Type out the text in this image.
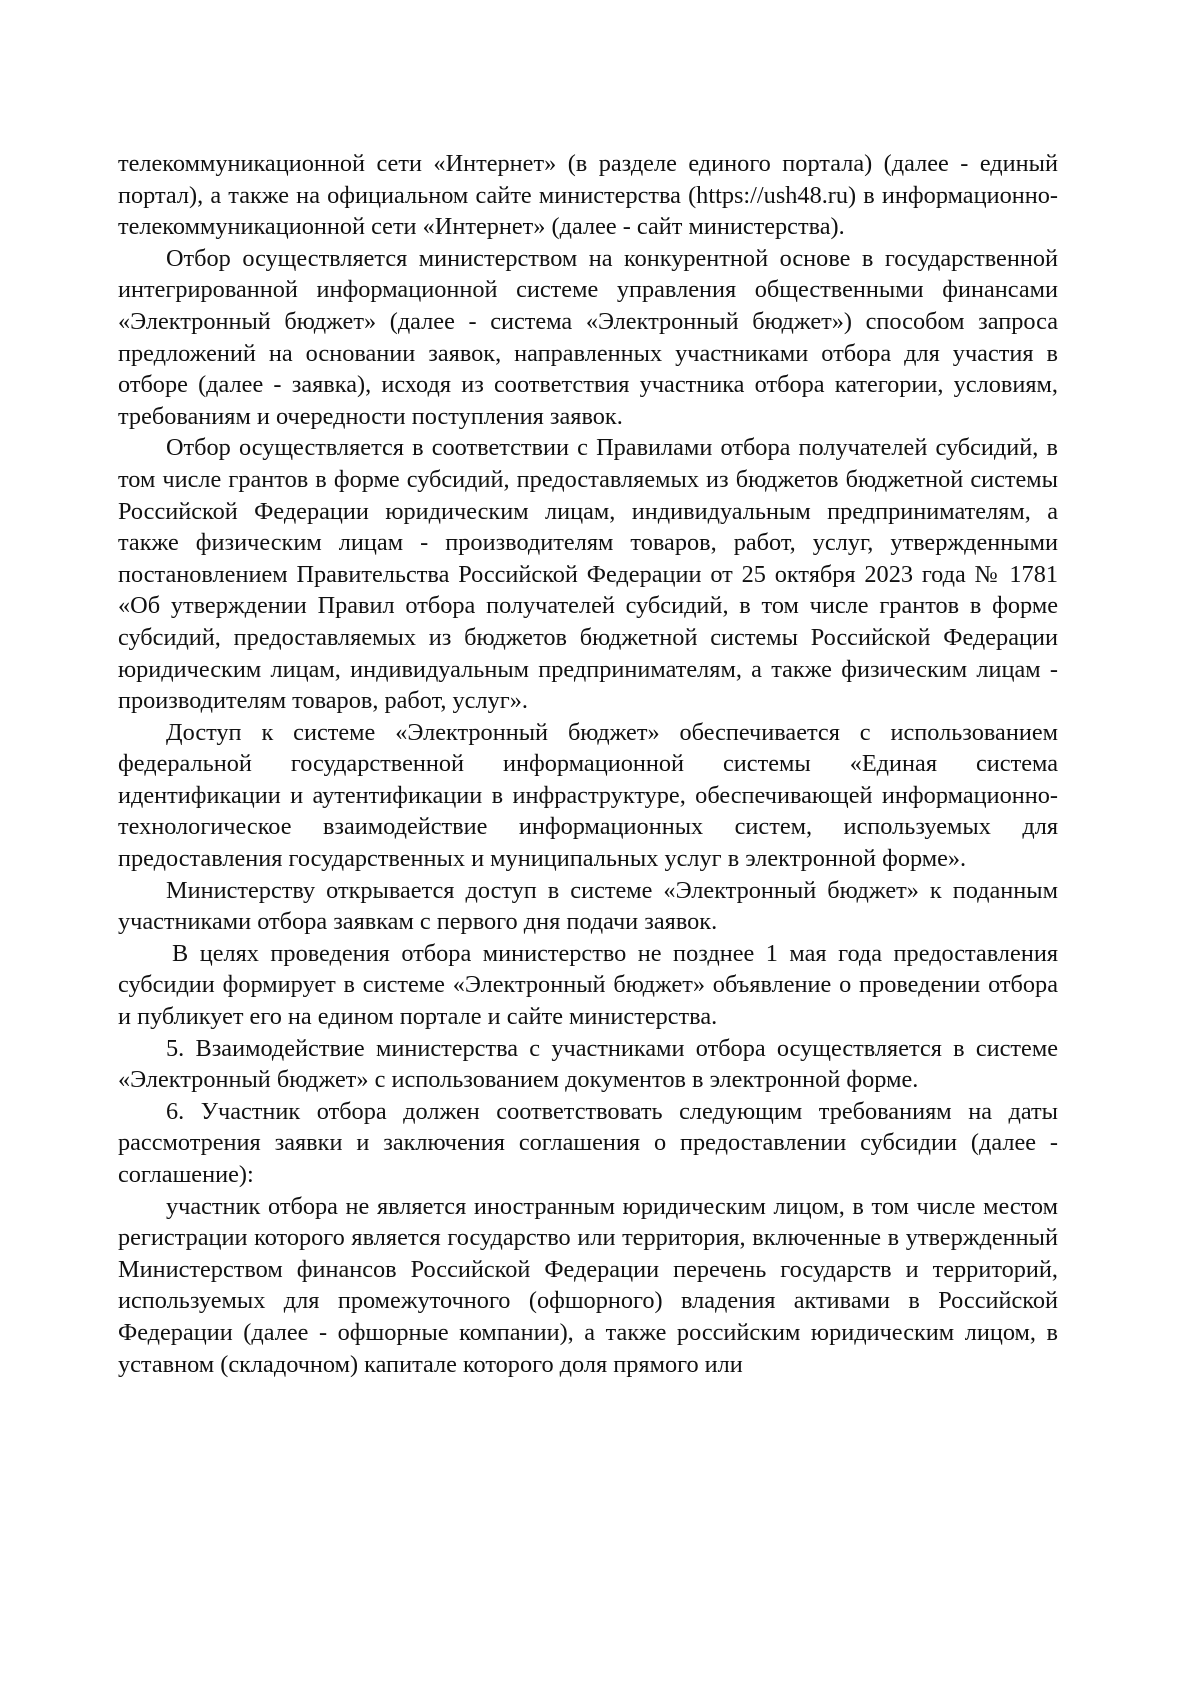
телекоммуникационной сети «Интернет» (в разделе единого портала) (далее - единый портал), а также на официальном сайте министерства (https://ush48.ru) в информационно-телекоммуникационной сети «Интернет» (далее - сайт министерства).

Отбор осуществляется министерством на конкурентной основе в государственной интегрированной информационной системе управления общественными финансами «Электронный бюджет» (далее - система «Электронный бюджет») способом запроса предложений на основании заявок, направленных участниками отбора для участия в отборе (далее - заявка), исходя из соответствия участника отбора категории, условиям, требованиям и очередности поступления заявок.

Отбор осуществляется в соответствии с Правилами отбора получателей субсидий, в том числе грантов в форме субсидий, предоставляемых из бюджетов бюджетной системы Российской Федерации юридическим лицам, индивидуальным предпринимателям, а также физическим лицам - производителям товаров, работ, услуг, утвержденными постановлением Правительства Российской Федерации от 25 октября 2023 года № 1781 «Об утверждении Правил отбора получателей субсидий, в том числе грантов в форме субсидий, предоставляемых из бюджетов бюджетной системы Российской Федерации юридическим лицам, индивидуальным предпринимателям, а также физическим лицам - производителям товаров, работ, услуг».

Доступ к системе «Электронный бюджет» обеспечивается с использованием федеральной государственной информационной системы «Единая система идентификации и аутентификации в инфраструктуре, обеспечивающей информационно-технологическое взаимодействие информационных систем, используемых для предоставления государственных и муниципальных услуг в электронной форме».

Министерству открывается доступ в системе «Электронный бюджет» к поданным участниками отбора заявкам с первого дня подачи заявок.

В целях проведения отбора министерство не позднее 1 мая года предоставления субсидии формирует в системе «Электронный бюджет» объявление о проведении отбора и публикует его на едином портале и сайте министерства.

5. Взаимодействие министерства с участниками отбора осуществляется в системе «Электронный бюджет» с использованием документов в электронной форме.

6. Участник отбора должен соответствовать следующим требованиям на даты рассмотрения заявки и заключения соглашения о предоставлении субсидии (далее - соглашение):

участник отбора не является иностранным юридическим лицом, в том числе местом регистрации которого является государство или территория, включенные в утвержденный Министерством финансов Российской Федерации перечень государств и территорий, используемых для промежуточного (офшорного) владения активами в Российской Федерации (далее - офшорные компании), а также российским юридическим лицом, в уставном (складочном) капитале которого доля прямого или
